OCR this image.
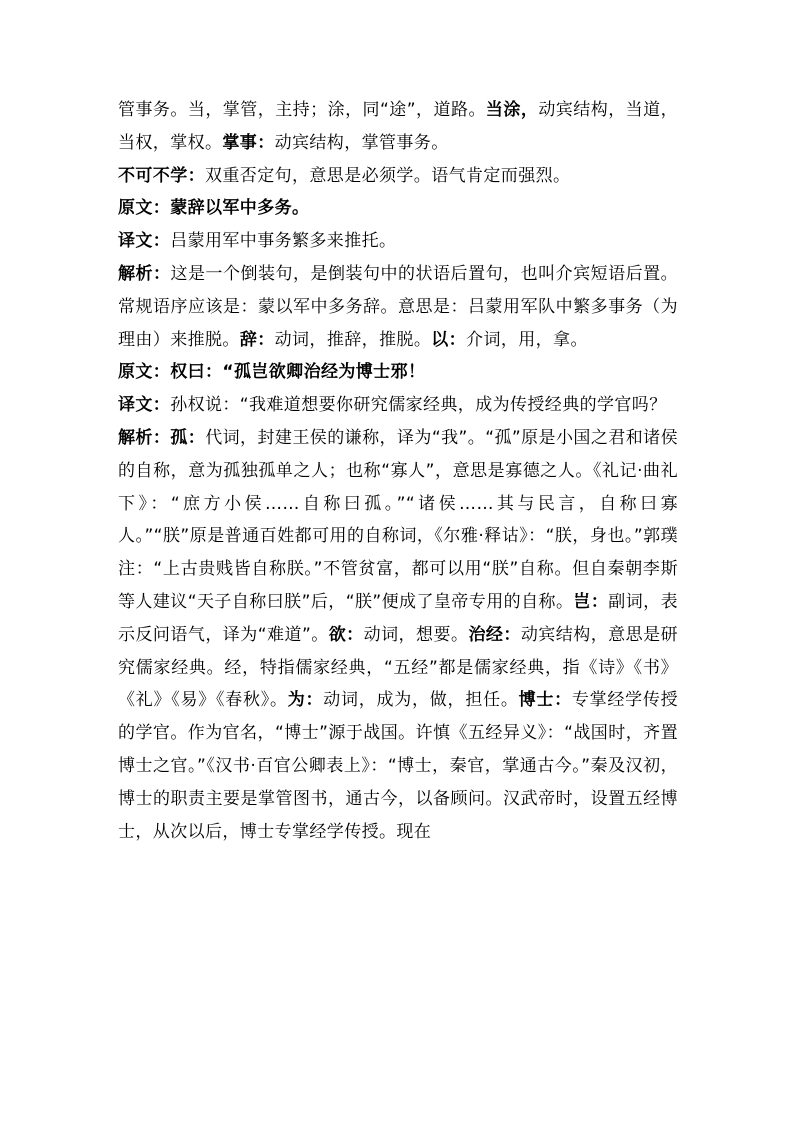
管事务。当，掌管，主持；涂，同“途”，道路。当涂，动宾结构，当道，当权，掌权。掌事：动宾结构，掌管事务。

不可不学：双重否定句，意思是必须学。语气肯定而强烈。

原文：蒙辞以军中多务。

译文：吕蒙用军中事务繁多来推托。

解析：这是一个倒装句，是倒装句中的状语后置句，也叫介宾短语后置。常规语序应该是：蒙以军中多务辞。意思是：吕蒙用军队中繁多事务（为理由）来推脱。辞：动词，推辞，推脱。以：介词，用，拿。

原文：权曰：“孤岂欲卿治经为博士邪！

译文：孙权说：“我难道想要你研究儒家经典，成为传授经典的学官吗？

解析：孤：代词，封建王侯的谦称，译为“我”。“孤”原是小国之君和诸侯的自称，意为孤独孤单之人；也称“寡人”，意思是寡德之人。《礼记·曲礼下》：“庶方小侯……自称曰孤。”“诸侯……其与民言，自称曰寡人。”“朕”原是普通百姓都可用的自称词，《尔雅·释诂》：“朕，身也。”郭璞注：“上古贵贱皆自称朕。”不管贫富，都可以用“朕”自称。但自秦朝李斯等人建议“天子自称曰朕”后，“朕”便成了皇帝专用的自称。岂：副词，表示反问语气，译为“难道”。欲：动词，想要。治经：动宾结构，意思是研究儒家经典。经，特指儒家经典，“五经”都是儒家经典，指《诗》《书》《礼》《易》《春秋》。为：动词，成为，做，担任。博士：专掌经学传授的学官。作为官名，“博士”源于战国。许慎《五经异义》：“战国时，齐置博士之官。”《汉书·百官公卿表上》：“博士，秦官，掌通古今。”秦及汉初，博士的职责主要是掌管图书，通古今，以备顾问。汉武帝时，设置五经博士，从次以后，博士专掌经学传授。现在
